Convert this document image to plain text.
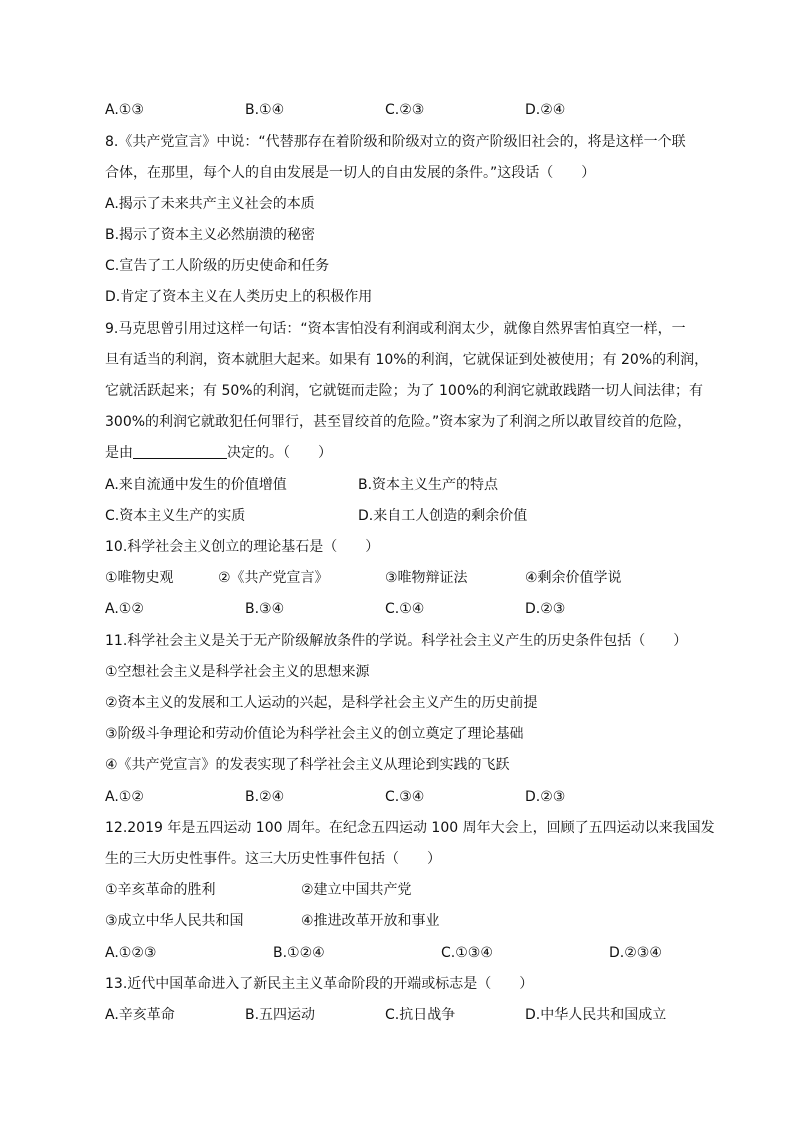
A.①③	B.①④	C.②③	D.②④
8.《共产党宣言》中说：“代替那存在着阶级和阶级对立的资产阶级旧社会的，将是这样一个联
合体，在那里，每个人的自由发展是一切人的自由发展的条件。”这段话（　　）
A.揭示了未来共产主义社会的本质
B.揭示了资本主义必然崩溃的秘密
C.宣告了工人阶级的历史使命和任务
D.肯定了资本主义在人类历史上的积极作用
9.马克思曾引用过这样一句话：“资本害怕没有利润或利润太少，就像自然界害怕真空一样，一
旦有适当的利润，资本就胆大起来。如果有 10%的利润，它就保证到处被使用；有 20%的利润，
它就活跃起来；有 50%的利润，它就铤而走险；为了 100%的利润它就敢践踏一切人间法律；有
300%的利润它就敢犯任何罪行，甚至冒绞首的危险。”资本家为了利润之所以敢冒绞首的危险，
是由	决定的。（　　）
A.来自流通中发生的价值增值	B.资本主义生产的特点
C.资本主义生产的实质	D.来自工人创造的剩余价值
10.科学社会主义创立的理论基石是（　　）
①唯物史观	②《共产党宣言》	③唯物辩证法	④剩余价值学说
A.①②	B.③④	C.①④	D.②③
11.科学社会主义是关于无产阶级解放条件的学说。科学社会主义产生的历史条件包括（　　）
①空想社会主义是科学社会主义的思想来源
②资本主义的发展和工人运动的兴起，是科学社会主义产生的历史前提
③阶级斗争理论和劳动价值论为科学社会主义的创立奠定了理论基础
④《共产党宣言》的发表实现了科学社会主义从理论到实践的飞跃
A.①②	B.②④	C.③④	D.②③
12.2019 年是五四运动 100 周年。在纪念五四运动 100 周年大会上，回顾了五四运动以来我国发
生的三大历史性事件。这三大历史性事件包括（　　）
①辛亥革命的胜利	②建立中国共产党
③成立中华人民共和国	④推进改革开放和事业
A.①②③	B.①②④	C.①③④	D.②③④
13.近代中国革命进入了新民主主义革命阶段的开端或标志是（　　）
A.辛亥革命	B.五四运动	C.抗日战争	D.中华人民共和国成立
